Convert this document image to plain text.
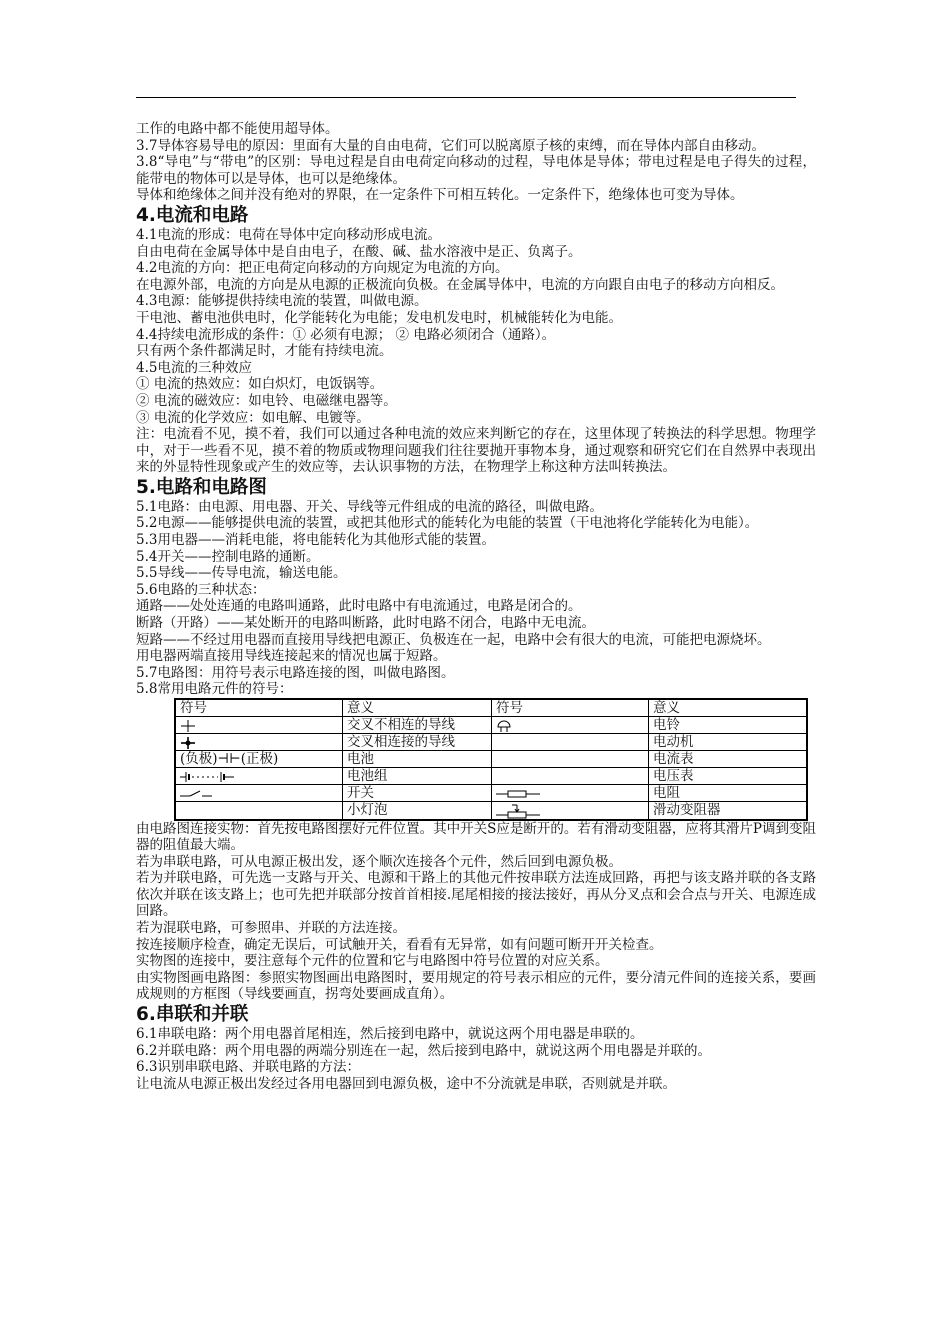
工作的电路中都不能使用超导体。

3.7导体容易导电的原因：里面有大量的自由电荷，它们可以脱离原子核的束缚，而在导体内部自由移动。

3.8“导电”与“带电”的区别：导电过程是自由电荷定向移动的过程，导电体是导体；带电过程是电子得失的过程，能带电的物体可以是导体，也可以是绝缘体。

导体和绝缘体之间并没有绝对的界限，在一定条件下可相互转化。一定条件下，绝缘体也可变为导体。

4.电流和电路

4.1电流的形成：电荷在导体中定向移动形成电流。

自由电荷在金属导体中是自由电子，在酸、碱、盐水溶液中是正、负离子。

4.2电流的方向：把正电荷定向移动的方向规定为电流的方向。

在电源外部，电流的方向是从电源的正极流向负极。在金属导体中，电流的方向跟自由电子的移动方向相反。

4.3电源：能够提供持续电流的装置，叫做电源。

干电池、蓄电池供电时，化学能转化为电能；发电机发电时，机械能转化为电能。

4.4持续电流形成的条件：① 必须有电源； ② 电路必须闭合（通路）。

只有两个条件都满足时，才能有持续电流。

4.5电流的三种效应

① 电流的热效应：如白炽灯，电饭锅等。

② 电流的磁效应：如电铃、电磁继电器等。

③ 电流的化学效应：如电解、电镀等。

注：电流看不见，摸不着，我们可以通过各种电流的效应来判断它的存在，这里体现了转换法的科学思想。物理学中，对于一些看不见，摸不着的物质或物理问题我们往往要抛开事物本身，通过观察和研究它们在自然界中表现出来的外显特性现象或产生的效应等，去认识事物的方法，在物理学上称这种方法叫转换法。

5.电路和电路图

5.1电路：由电源、用电器、开关、导线等元件组成的电流的路径，叫做电路。

5.2电源——能够提供电流的装置，或把其他形式的能转化为电能的装置（干电池将化学能转化为电能）。

5.3用电器——消耗电能，将电能转化为其他形式能的装置。

5.4开关——控制电路的通断。

5.5导线——传导电流，输送电能。

5.6电路的三种状态：

通路——处处连通的电路叫通路，此时电路中有电流通过，电路是闭合的。

断路（开路）——某处断开的电路叫断路，此时电路不闭合，电路中无电流。

短路——不经过用电器而直接用导线把电源正、负极连在一起，电路中会有很大的电流，可能把电源烧坏。

用电器两端直接用导线连接起来的情况也属于短路。

5.7电路图：用符号表示电路连接的图，叫做电路图。

5.8常用电路元件的符号：

符号	意义	符号	意义
	交叉不相连的导线		电铃
	交叉相连接的导线		电动机
(负极)⊣⊢(正极)	电池		电流表
	电池组		电压表
	开关		电阻
	小灯泡		滑动变阻器

由电路图连接实物：首先按电路图摆好元件位置。其中开关S应是断开的。若有滑动变阻器，应将其滑片P调到变阻器的阻值最大端。

若为串联电路，可从电源正极出发，逐个顺次连接各个元件，然后回到电源负极。

若为并联电路，可先选一支路与开关、电源和干路上的其他元件按串联方法连成回路，再把与该支路并联的各支路依次并联在该支路上；也可先把并联部分按首首相接.尾尾相接的接法接好，再从分叉点和会合点与开关、电源连成回路。

若为混联电路，可参照串、并联的方法连接。

按连接顺序检查，确定无误后，可试触开关，看看有无异常，如有问题可断开开关检查。

实物图的连接中，要注意每个元件的位置和它与电路图中符号位置的对应关系。

由实物图画电路图：参照实物图画出电路图时，要用规定的符号表示相应的元件，要分清元件间的连接关系，要画成规则的方框图（导线要画直，拐弯处要画成直角）。

6.串联和并联

6.1串联电路：两个用电器首尾相连，然后接到电路中，就说这两个用电器是串联的。

6.2并联电路：两个用电器的两端分别连在一起，然后接到电路中，就说这两个用电器是并联的。

6.3识别串联电路、并联电路的方法：

让电流从电源正极出发经过各用电器回到电源负极，途中不分流就是串联，否则就是并联。
